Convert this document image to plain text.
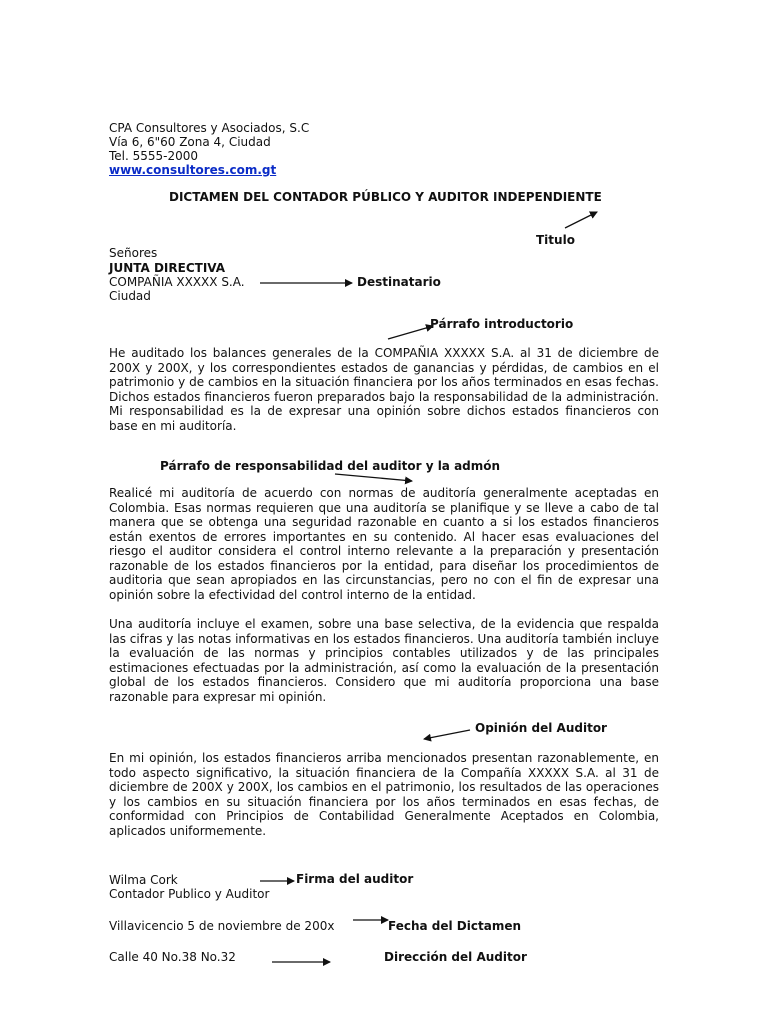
CPA Consultores y Asociados, S.C
Vía 6, 6"60 Zona 4, Ciudad
Tel. 5555-2000
www.consultores.com.gt
DICTAMEN DEL CONTADOR PÚBLICO Y AUDITOR INDEPENDIENTE
Titulo
Señores
JUNTA DIRECTIVA
COMPAÑIA XXXXX S.A.
Ciudad
Destinatario
Párrafo introductorio
He auditado los balances generales de la COMPAÑIA XXXXX S.A. al 31 de diciembre de 200X y 200X, y los correspondientes estados de ganancias y pérdidas, de cambios en el patrimonio y de cambios en la situación financiera por los años terminados en esas fechas. Dichos estados financieros fueron preparados bajo la responsabilidad de la administración. Mi responsabilidad es la de expresar una opinión sobre dichos estados financieros con base en mi auditoría.
Párrafo de responsabilidad del auditor y la admón
Realicé mi auditoría de acuerdo con normas de auditoría generalmente aceptadas en Colombia. Esas normas requieren que una auditoría se planifique y se lleve a cabo de tal manera que se obtenga una seguridad razonable en cuanto a si los estados financieros están exentos de errores importantes en su contenido. Al hacer esas evaluaciones del riesgo el auditor considera el control interno relevante a la preparación y presentación razonable de los estados financieros por la entidad, para diseñar los procedimientos de auditoria que sean apropiados en las circunstancias, pero no con el fin de expresar una opinión sobre la efectividad del control interno de la entidad.
Una auditoría incluye el examen, sobre una base selectiva, de la evidencia que respalda las cifras y las notas informativas en los estados financieros. Una auditoría también incluye la evaluación de las normas y principios contables utilizados y de las principales estimaciones efectuadas por la administración, así como la evaluación de la presentación global de los estados financieros. Considero que mi auditoría proporciona una base razonable para expresar mi opinión.
Opinión del Auditor
En mi opinión, los estados financieros arriba mencionados presentan razonablemente, en todo aspecto significativo, la situación financiera de la Compañía XXXXX S.A. al 31 de diciembre de 200X y 200X, los cambios en el patrimonio, los resultados de las operaciones y los cambios en su situación financiera por los años terminados en esas fechas, de conformidad con Principios de Contabilidad Generalmente Aceptados en Colombia, aplicados uniformemente.
Wilma Cork
Contador Publico y Auditor
Firma del auditor
Villavicencio 5 de noviembre de 200x	Fecha del Dictamen
Calle 40 No.38 No.32	Dirección del Auditor
